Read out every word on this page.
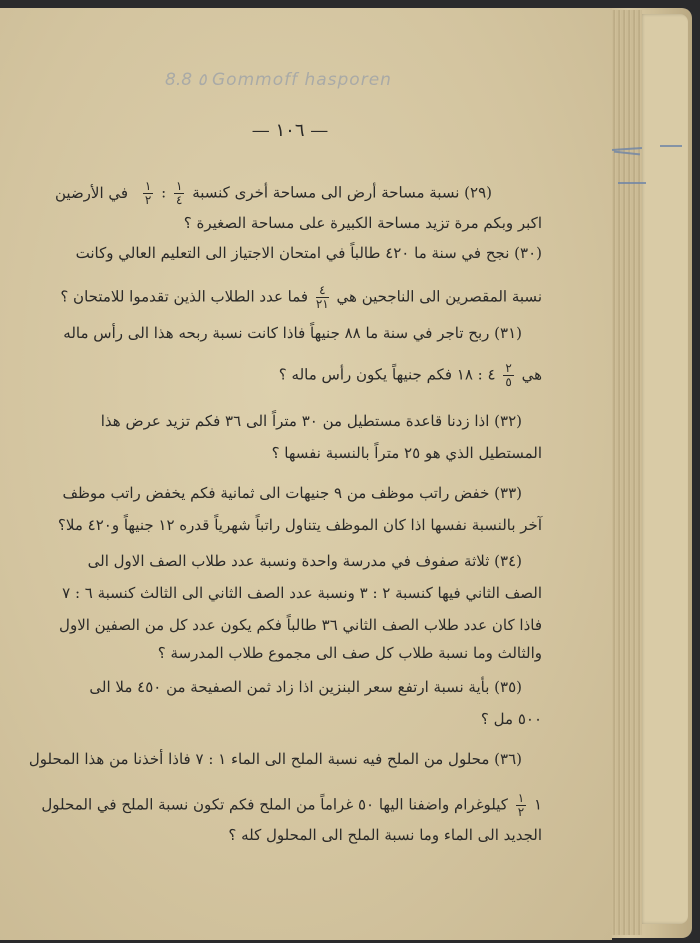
8.8 ٥ Gommoff hasporen
— ١٠٦ —
(٢٩) نسبة مساحة أرض الى مساحة أخرى كنسبة
$\frac{١}{٤}$
:
$\frac{١}{٢}$
في الأرضين
اكبر وبكم مرة تزيد مساحة الكبيرة على مساحة الصغيرة ؟
(٣٠) نجح في سنة ما ٤٢٠ طالباً في امتحان الاجتياز الى التعليم العالي وكانت
نسبة المقصرين الى الناجحين هي
$\frac{٤}{٢١}$
فما عدد الطلاب الذين تقدموا للامتحان ؟
(٣١) ربح تاجر في سنة ما ٨٨ جنيهاً فاذا كانت نسبة ربحه هذا الى رأس ماله
هي
$\frac{٢}{٥}$
٤ : ١٨ فكم جنيهاً يكون رأس ماله ؟
(٣٢) اذا زدنا قاعدة مستطيل من ٣٠ متراً الى ٣٦ فكم تزيد عرض هذا
المستطيل الذي هو ٢٥ متراً بالنسبة نفسها ؟
(٣٣) خفض راتب موظف من ٩ جنيهات الى ثمانية فكم يخفض راتب موظف
آخر بالنسبة نفسها اذا كان الموظف يتناول راتباً شهرياً قدره ١٢ جنيهاً و٤٢٠ ملا؟
(٣٤) ثلاثة صفوف في مدرسة واحدة ونسبة عدد طلاب الصف الاول الى
الصف الثاني فيها كنسبة ٢ : ٣ ونسبة عدد الصف الثاني الى الثالث كنسبة ٦ : ٧
فاذا كان عدد طلاب الصف الثاني ٣٦ طالباً فكم يكون عدد كل من الصفين الاول
والثالث وما نسبة طلاب كل صف الى مجموع طلاب المدرسة ؟
(٣٥) بأية نسبة ارتفع سعر البنزين اذا زاد ثمن الصفيحة من ٤٥٠ ملا الى
٥٠٠ مل ؟
(٣٦) محلول من الملح فيه نسبة الملح الى الماء ١ : ٧ فاذا أخذنا من هذا المحلول
١
$\frac{١}{٢}$
كيلوغرام واضفنا اليها ٥٠ غراماً من الملح فكم تكون نسبة الملح في المحلول
الجديد الى الماء وما نسبة الملح الى المحلول كله ؟
